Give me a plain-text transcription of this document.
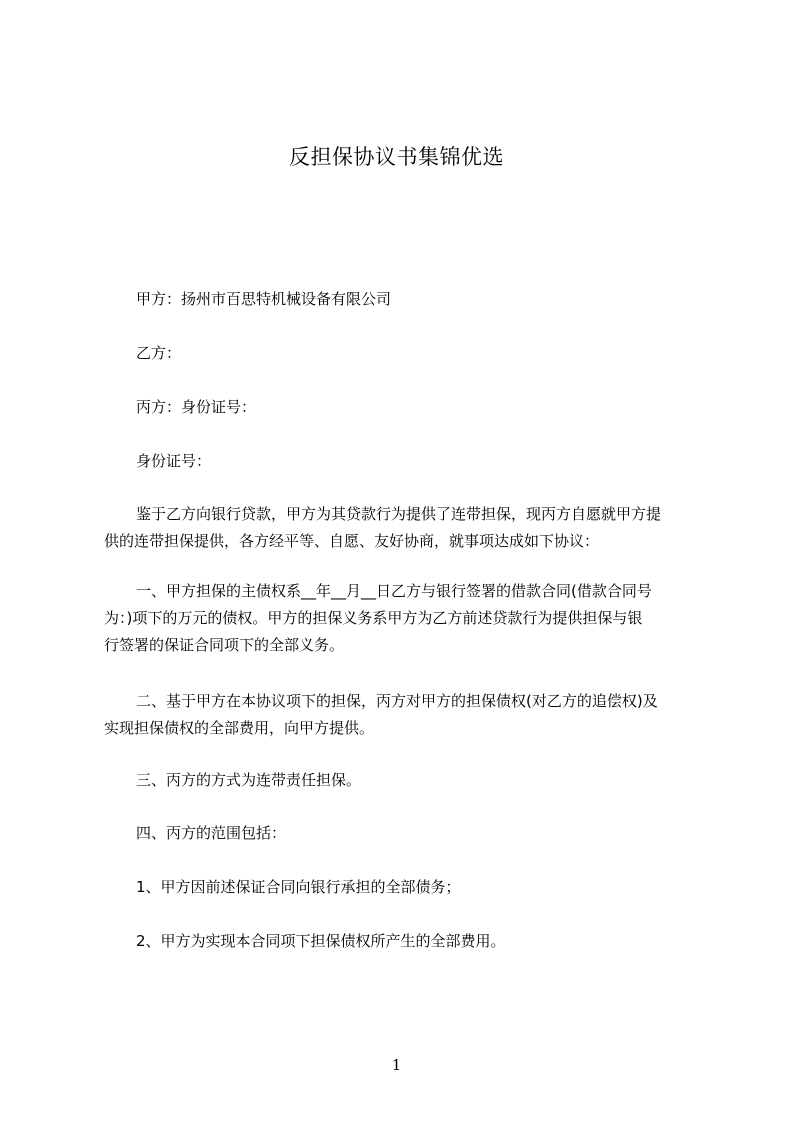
反担保协议书集锦优选

甲方：扬州市百思特机械设备有限公司

乙方：

丙方：身份证号：

身份证号：

鉴于乙方向银行贷款，甲方为其贷款行为提供了连带担保，现丙方自愿就甲方提

供的连带担保提供，各方经平等、自愿、友好协商，就事项达成如下协议：

一、甲方担保的主债权系__年__月__日乙方与银行签署的借款合同(借款合同号

为：)项下的万元的债权。甲方的担保义务系甲方为乙方前述贷款行为提供担保与银

行签署的保证合同项下的全部义务。

二、基于甲方在本协议项下的担保，丙方对甲方的担保债权(对乙方的追偿权)及

实现担保债权的全部费用，向甲方提供。

三、丙方的方式为连带责任担保。

四、丙方的范围包括：

1、甲方因前述保证合同向银行承担的全部债务；

2、甲方为实现本合同项下担保债权所产生的全部费用。

1
